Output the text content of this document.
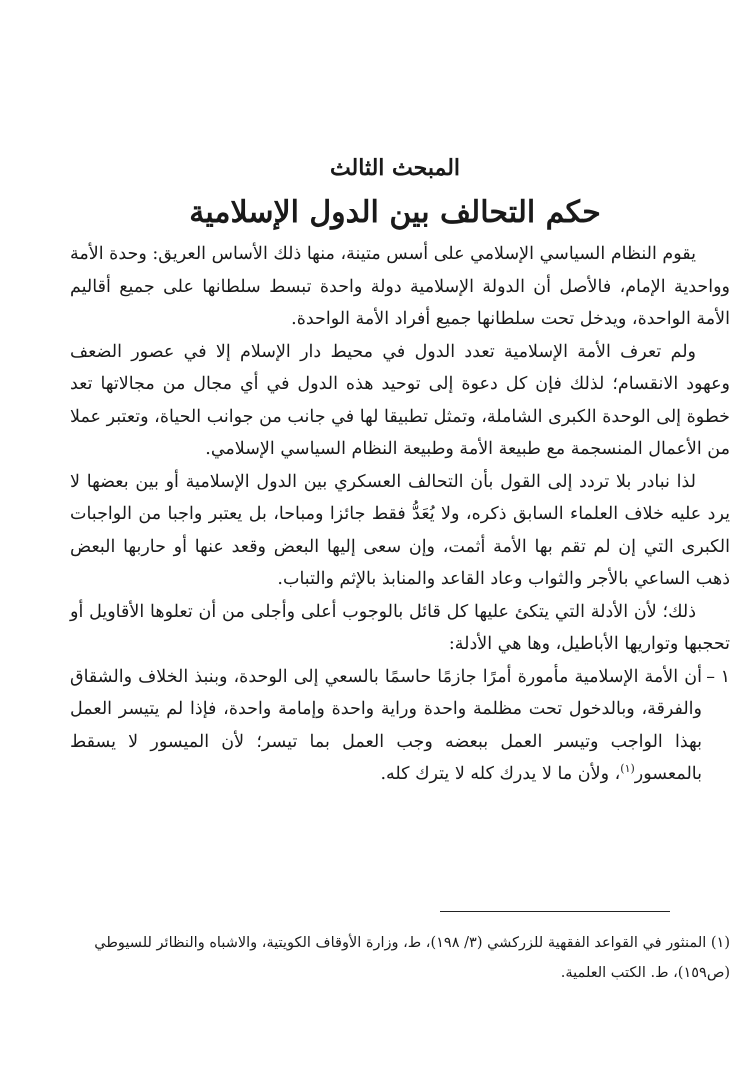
المبحث الثالث
حكم التحالف بين الدول الإسلامية

يقوم النظام السياسي الإسلامي على أسس متينة، منها ذلك الأساس العريق: وحدة الأمة وواحدية الإمام، فالأصل أن الدولة الإسلامية دولة واحدة تبسط سلطانها على جميع أقاليم الأمة الواحدة، ويدخل تحت سلطانها جميع أفراد الأمة الواحدة.

ولم تعرف الأمة الإسلامية تعدد الدول في محيط دار الإسلام إلا في عصور الضعف وعهود الانقسام؛ لذلك فإن كل دعوة إلى توحيد هذه الدول في أي مجال من مجالاتها تعد خطوة إلى الوحدة الكبرى الشاملة، وتمثل تطبيقا لها في جانب من جوانب الحياة، وتعتبر عملا من الأعمال المنسجمة مع طبيعة الأمة وطبيعة النظام السياسي الإسلامي.

لذا نبادر بلا تردد إلى القول بأن التحالف العسكري بين الدول الإسلامية أو بين بعضها لا يرد عليه خلاف العلماء السابق ذكره، ولا يُعَدُّ فقط جائزا ومباحا، بل يعتبر واجبا من الواجبات الكبرى التي إن لم تقم بها الأمة أثمت، وإن سعى إليها البعض وقعد عنها أو حاربها البعض ذهب الساعي بالأجر والثواب وعاد القاعد والمنابذ بالإثم والتباب.

ذلك؛ لأن الأدلة التي يتكئ عليها كل قائل بالوجوب أعلى وأجلى من أن تعلوها الأقاويل أو تحجبها وتواريها الأباطيل، وها هي الأدلة:

١ –
أن الأمة الإسلامية مأمورة أمرًا جازمًا حاسمًا بالسعي إلى الوحدة، وبنبذ الخلاف والشقاق والفرقة، وبالدخول تحت مظلمة واحدة وراية واحدة وإمامة واحدة، فإذا لم يتيسر العمل بهذا الواجب وتيسر العمل ببعضه وجب العمل بما تيسر؛ لأن الميسور لا يسقط بالمعسور$^{(١)}$، ولأن ما لا يدرك كله لا يترك كله.

(١) المنثور في القواعد الفقهية للزركشي (٣/ ١٩٨)، ط، وزارة الأوقاف الكويتية، والاشباه والنظائر للسيوطي (ص١٥٩)، ط. الكتب العلمية.
